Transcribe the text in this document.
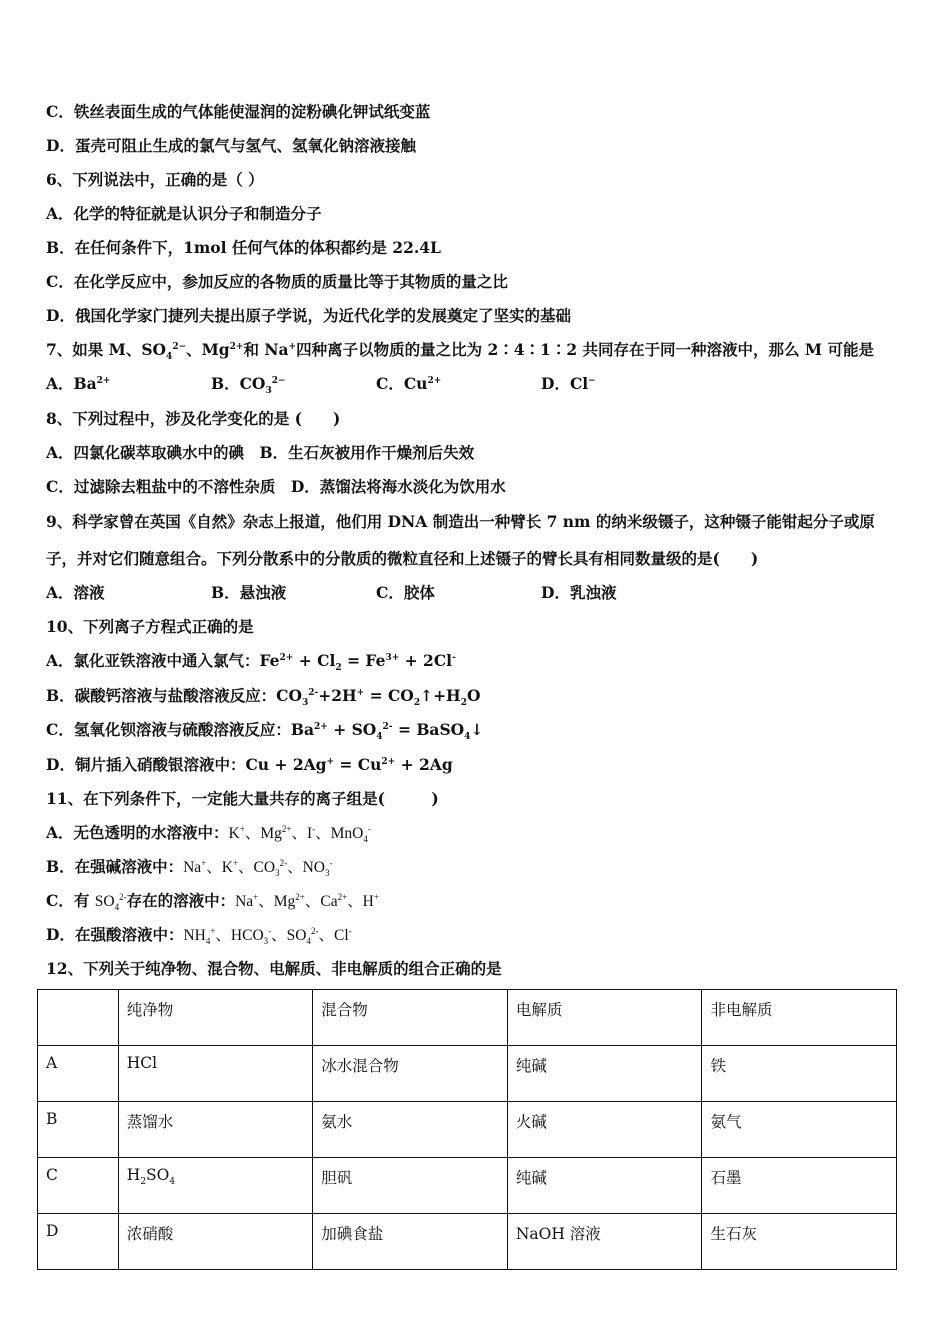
C．铁丝表面生成的气体能使湿润的淀粉碘化钾试纸变蓝
D．蛋壳可阻止生成的氯气与氢气、氢氧化钠溶液接触
6、下列说法中，正确的是（ ）
A．化学的特征就是认识分子和制造分子
B．在任何条件下，1mol 任何气体的体积都约是 22.4L
C．在化学反应中，参加反应的各物质的质量比等于其物质的量之比
D．俄国化学家门捷列夫提出原子学说，为近代化学的发展奠定了坚实的基础
7、如果 M、$SO_4^{2-}$、$Mg^{2+}$和 Na+四种离子以物质的量之比为 2∶4∶1∶2 共同存在于同一种溶液中，那么 M 可能是
A．$Ba^{2+}$	B．$CO_3^{2-}$	C．$Cu^{2+}$	D．Cl−
8、下列过程中，涉及化学变化的是 (　　)
A．四氯化碳萃取碘水中的碘　B．生石灰被用作干燥剂后失效
C．过滤除去粗盐中的不溶性杂质　D．蒸馏法将海水淡化为饮用水
9、科学家曾在英国《自然》杂志上报道，他们用 DNA 制造出一种臂长 7 nm 的纳米级镊子，这种镊子能钳起分子或原
子，并对它们随意组合。下列分散系中的分散质的微粒直径和上述镊子的臂长具有相同数量级的是(　　)
A．溶液	B．悬浊液	C．胶体	D．乳浊液
10、下列离子方程式正确的是
A．氯化亚铁溶液中通入氯气：$Fe^{2+} + Cl_2 = Fe^{3+} + 2Cl^-$
B．碳酸钙溶液与盐酸溶液反应：$CO_3^{2-}+2H^+$ = $CO_2↑+H_2O$
C．氢氧化钡溶液与硫酸溶液反应：$Ba^{2+} + SO_4^{2-}$ = BaSO$_4$↓
D．铜片插入硝酸银溶液中：$Cu + 2Ag^+ = Cu^{2+} + 2Ag$
11、在下列条件下，一定能大量共存的离子组是(　　　)
A．无色透明的水溶液中：K+、$Mg^{2+}$、I-、MnO$_4$-
B．在强碱溶液中：Na+、K+、$CO_3^{2-}$、$NO_3^-$
C．有 $SO_4^{2-}$存在的溶液中：Na+、$Mg^{2+}$、$Ca^{2+}$、H+
D．在强酸溶液中：$NH_4^+$、$HCO_3^-$、$SO_4^{2-}$、Cl-
12、下列关于纯净物、混合物、电解质、非电解质的组合正确的是
	纯净物	混合物	电解质	非电解质
A	HCl	冰水混合物	纯碱	铁
B	蒸馏水	氨水	火碱	氨气
C	$H_2SO_4$	胆矾	纯碱	石墨
D	浓硝酸	加碘食盐	NaOH 溶液	生石灰
